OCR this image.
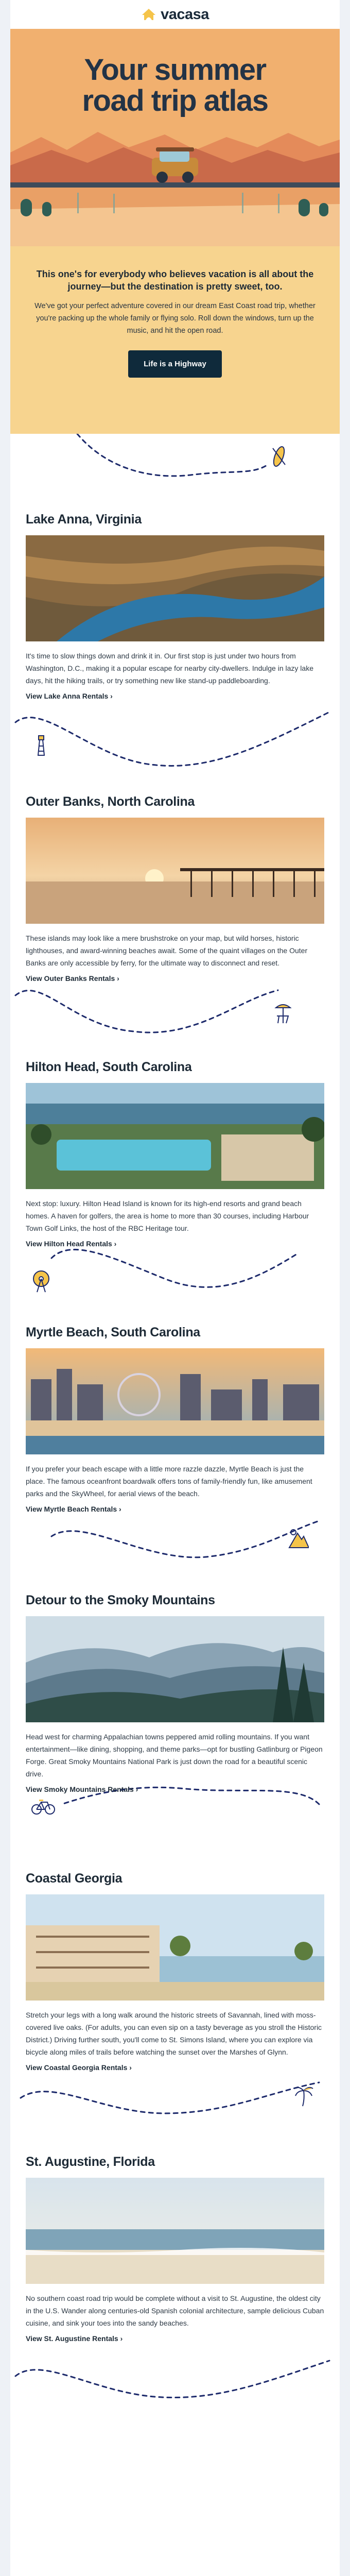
vacasa
Your summer
road trip atlas

This one's for everybody who believes vacation is all about the journey—but the destination is pretty sweet, too.

We've got your perfect adventure covered in our dream East Coast road trip, whether you're packing up the whole family or flying solo. Roll down the windows, turn up the music, and hit the open road.

Life is a Highway
Lake Anna, Virginia

It's time to slow things down and drink it in. Our first stop is just under two hours from Washington, D.C., making it a popular escape for nearby city-dwellers. Indulge in lazy lake days, hit the hiking trails, or try something new like stand-up paddleboarding.

View Lake Anna Rentals ›
Outer Banks, North Carolina

These islands may look like a mere brushstroke on your map, but wild horses, historic lighthouses, and award-winning beaches await. Some of the quaint villages on the Outer Banks are only accessible by ferry, for the ultimate way to disconnect and reset.

View Outer Banks Rentals ›
Hilton Head, South Carolina

Next stop: luxury. Hilton Head Island is known for its high-end resorts and grand beach homes. A haven for golfers, the area is home to more than 30 courses, including Harbour Town Golf Links, the host of the RBC Heritage tour.

View Hilton Head Rentals ›
Myrtle Beach, South Carolina

If you prefer your beach escape with a little more razzle dazzle, Myrtle Beach is just the place. The famous oceanfront boardwalk offers tons of family-friendly fun, like amusement parks and the SkyWheel, for aerial views of the beach.

View Myrtle Beach Rentals ›
Detour to the Smoky Mountains

Head west for charming Appalachian towns peppered amid rolling mountains. If you want entertainment—like dining, shopping, and theme parks—opt for bustling Gatlinburg or Pigeon Forge. Great Smoky Mountains National Park is just down the road for a beautiful scenic drive.

View Smoky Mountains Rentals ›
Coastal Georgia

Stretch your legs with a long walk around the historic streets of Savannah, lined with moss-covered live oaks. (For adults, you can even sip on a tasty beverage as you stroll the Historic District.) Driving further south, you'll come to St. Simons Island, where you can explore via bicycle along miles of trails before watching the sunset over the Marshes of Glynn.

View Coastal Georgia Rentals ›
St. Augustine, Florida

No southern coast road trip would be complete without a visit to St. Augustine, the oldest city in the U.S. Wander along centuries-old Spanish colonial architecture, sample delicious Cuban cuisine, and sink your toes into the sandy beaches.

View St. Augustine Rentals ›
